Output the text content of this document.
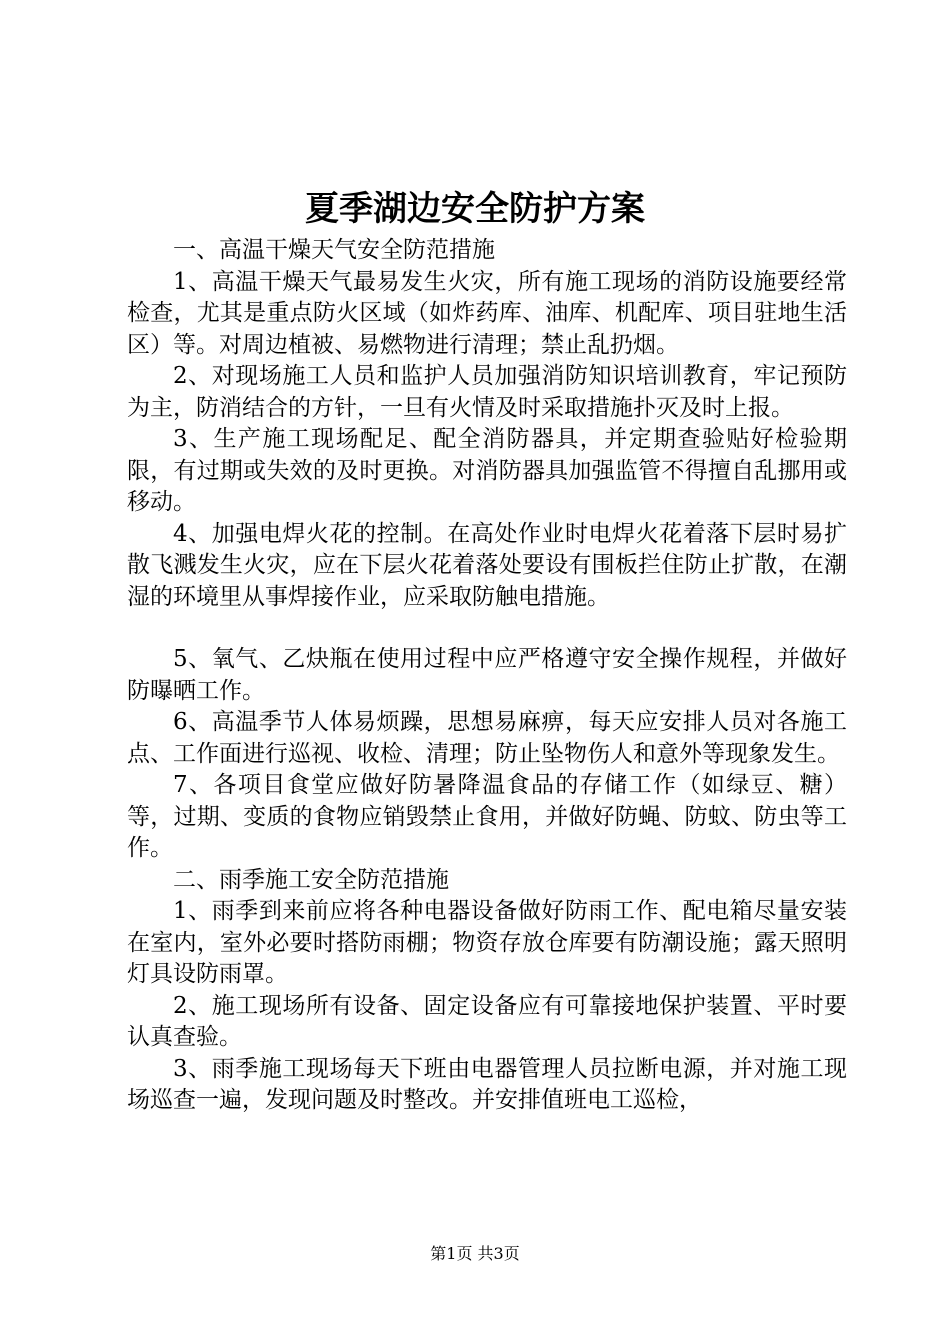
夏季湖边安全防护方案

一、高温干燥天气安全防范措施

1、高温干燥天气最易发生火灾，所有施工现场的消防设施要经常检查，尤其是重点防火区域（如炸药库、油库、机配库、项目驻地生活区）等。对周边植被、易燃物进行清理；禁止乱扔烟。

2、对现场施工人员和监护人员加强消防知识培训教育，牢记预防为主，防消结合的方针，一旦有火情及时采取措施扑灭及时上报。

3、生产施工现场配足、配全消防器具，并定期查验贴好检验期限，有过期或失效的及时更换。对消防器具加强监管不得擅自乱挪用或移动。

4、加强电焊火花的控制。在高处作业时电焊火花着落下层时易扩散飞溅发生火灾，应在下层火花着落处要设有围板拦住防止扩散，在潮湿的环境里从事焊接作业，应采取防触电措施。

5、氧气、乙炔瓶在使用过程中应严格遵守安全操作规程，并做好防曝晒工作。

6、高温季节人体易烦躁，思想易麻痹，每天应安排人员对各施工点、工作面进行巡视、收检、清理；防止坠物伤人和意外等现象发生。

7、各项目食堂应做好防暑降温食品的存储工作（如绿豆、糖）等，过期、变质的食物应销毁禁止食用，并做好防蝇、防蚊、防虫等工作。

二、雨季施工安全防范措施

1、雨季到来前应将各种电器设备做好防雨工作、配电箱尽量安装在室内，室外必要时搭防雨棚；物资存放仓库要有防潮设施；露天照明灯具设防雨罩。

2、施工现场所有设备、固定设备应有可靠接地保护装置、平时要认真查验。

3、雨季施工现场每天下班由电器管理人员拉断电源，并对施工现场巡查一遍，发现问题及时整改。并安排值班电工巡检，

第1页 共3页
